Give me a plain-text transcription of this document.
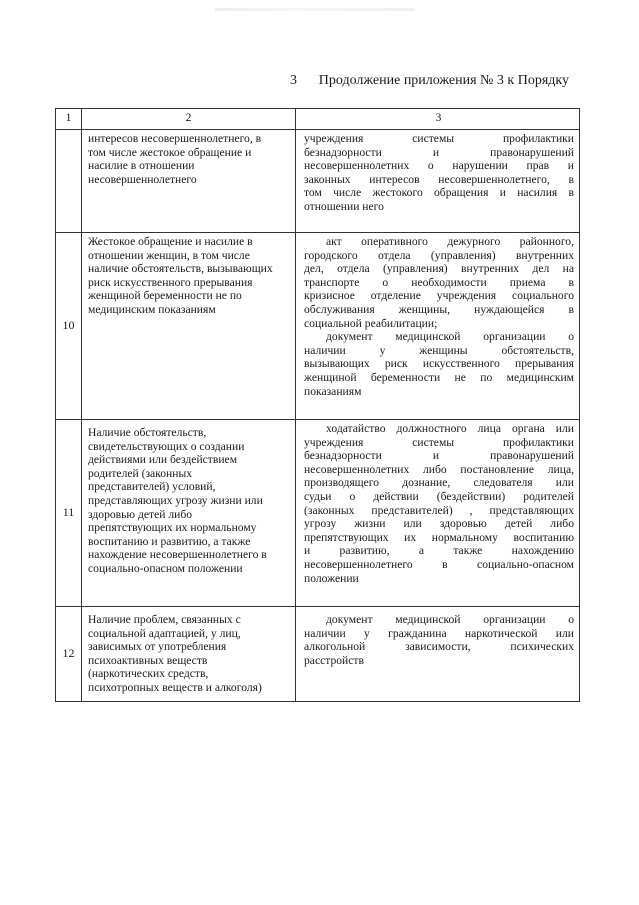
3 Продолжение приложения № 3 к Порядку
1	2	3
интересов несовершеннолетнего, в
том числе жестокое обращение и
насилие в отношении
несовершеннолетнего
учреждения системы профилактики
безнадзорности и правонарушений
несовершеннолетних о нарушении прав и
законных интересов несовершеннолетнего, в
том числе жестокого обращения и насилия в
отношении него
10
Жестокое обращение и насилие в
отношении женщин, в том числе
наличие обстоятельств, вызывающих
риск искусственного прерывания
женщиной беременности не по
медицинским показаниям
акт оперативного дежурного районного,
городского отдела (управления) внутренних
дел, отдела (управления) внутренних дел на
транспорте о необходимости приема в
кризисное отделение учреждения социального
обслуживания женщины, нуждающейся в
социальной реабилитации;
документ медицинской организации о
наличии у женщины обстоятельств,
вызывающих риск искусственного прерывания
женщиной беременности не по медицинским
показаниям
11
Наличие обстоятельств,
свидетельствующих о создании
действиями или бездействием
родителей (законных
представителей) условий,
представляющих угрозу жизни или
здоровью детей либо
препятствующих их нормальному
воспитанию и развитию, а также
нахождение несовершеннолетнего в
социально-опасном положении
ходатайство должностного лица органа или
учреждения системы профилактики
безнадзорности и правонарушений
несовершеннолетних либо постановление лица,
производящего дознание, следователя или
судьи о действии (бездействии) родителей
(законных представителей) , представляющих
угрозу жизни или здоровью детей либо
препятствующих их нормальному воспитанию
и развитию, а также нахождению
несовершеннолетнего в социально-опасном
положении
12
Наличие проблем, связанных с
социальной адаптацией, у лиц,
зависимых от употребления
психоактивных веществ
(наркотических средств,
психотропных веществ и алкоголя)
документ медицинской организации о
наличии у гражданина наркотической или
алкогольной зависимости, психических
расстройств
